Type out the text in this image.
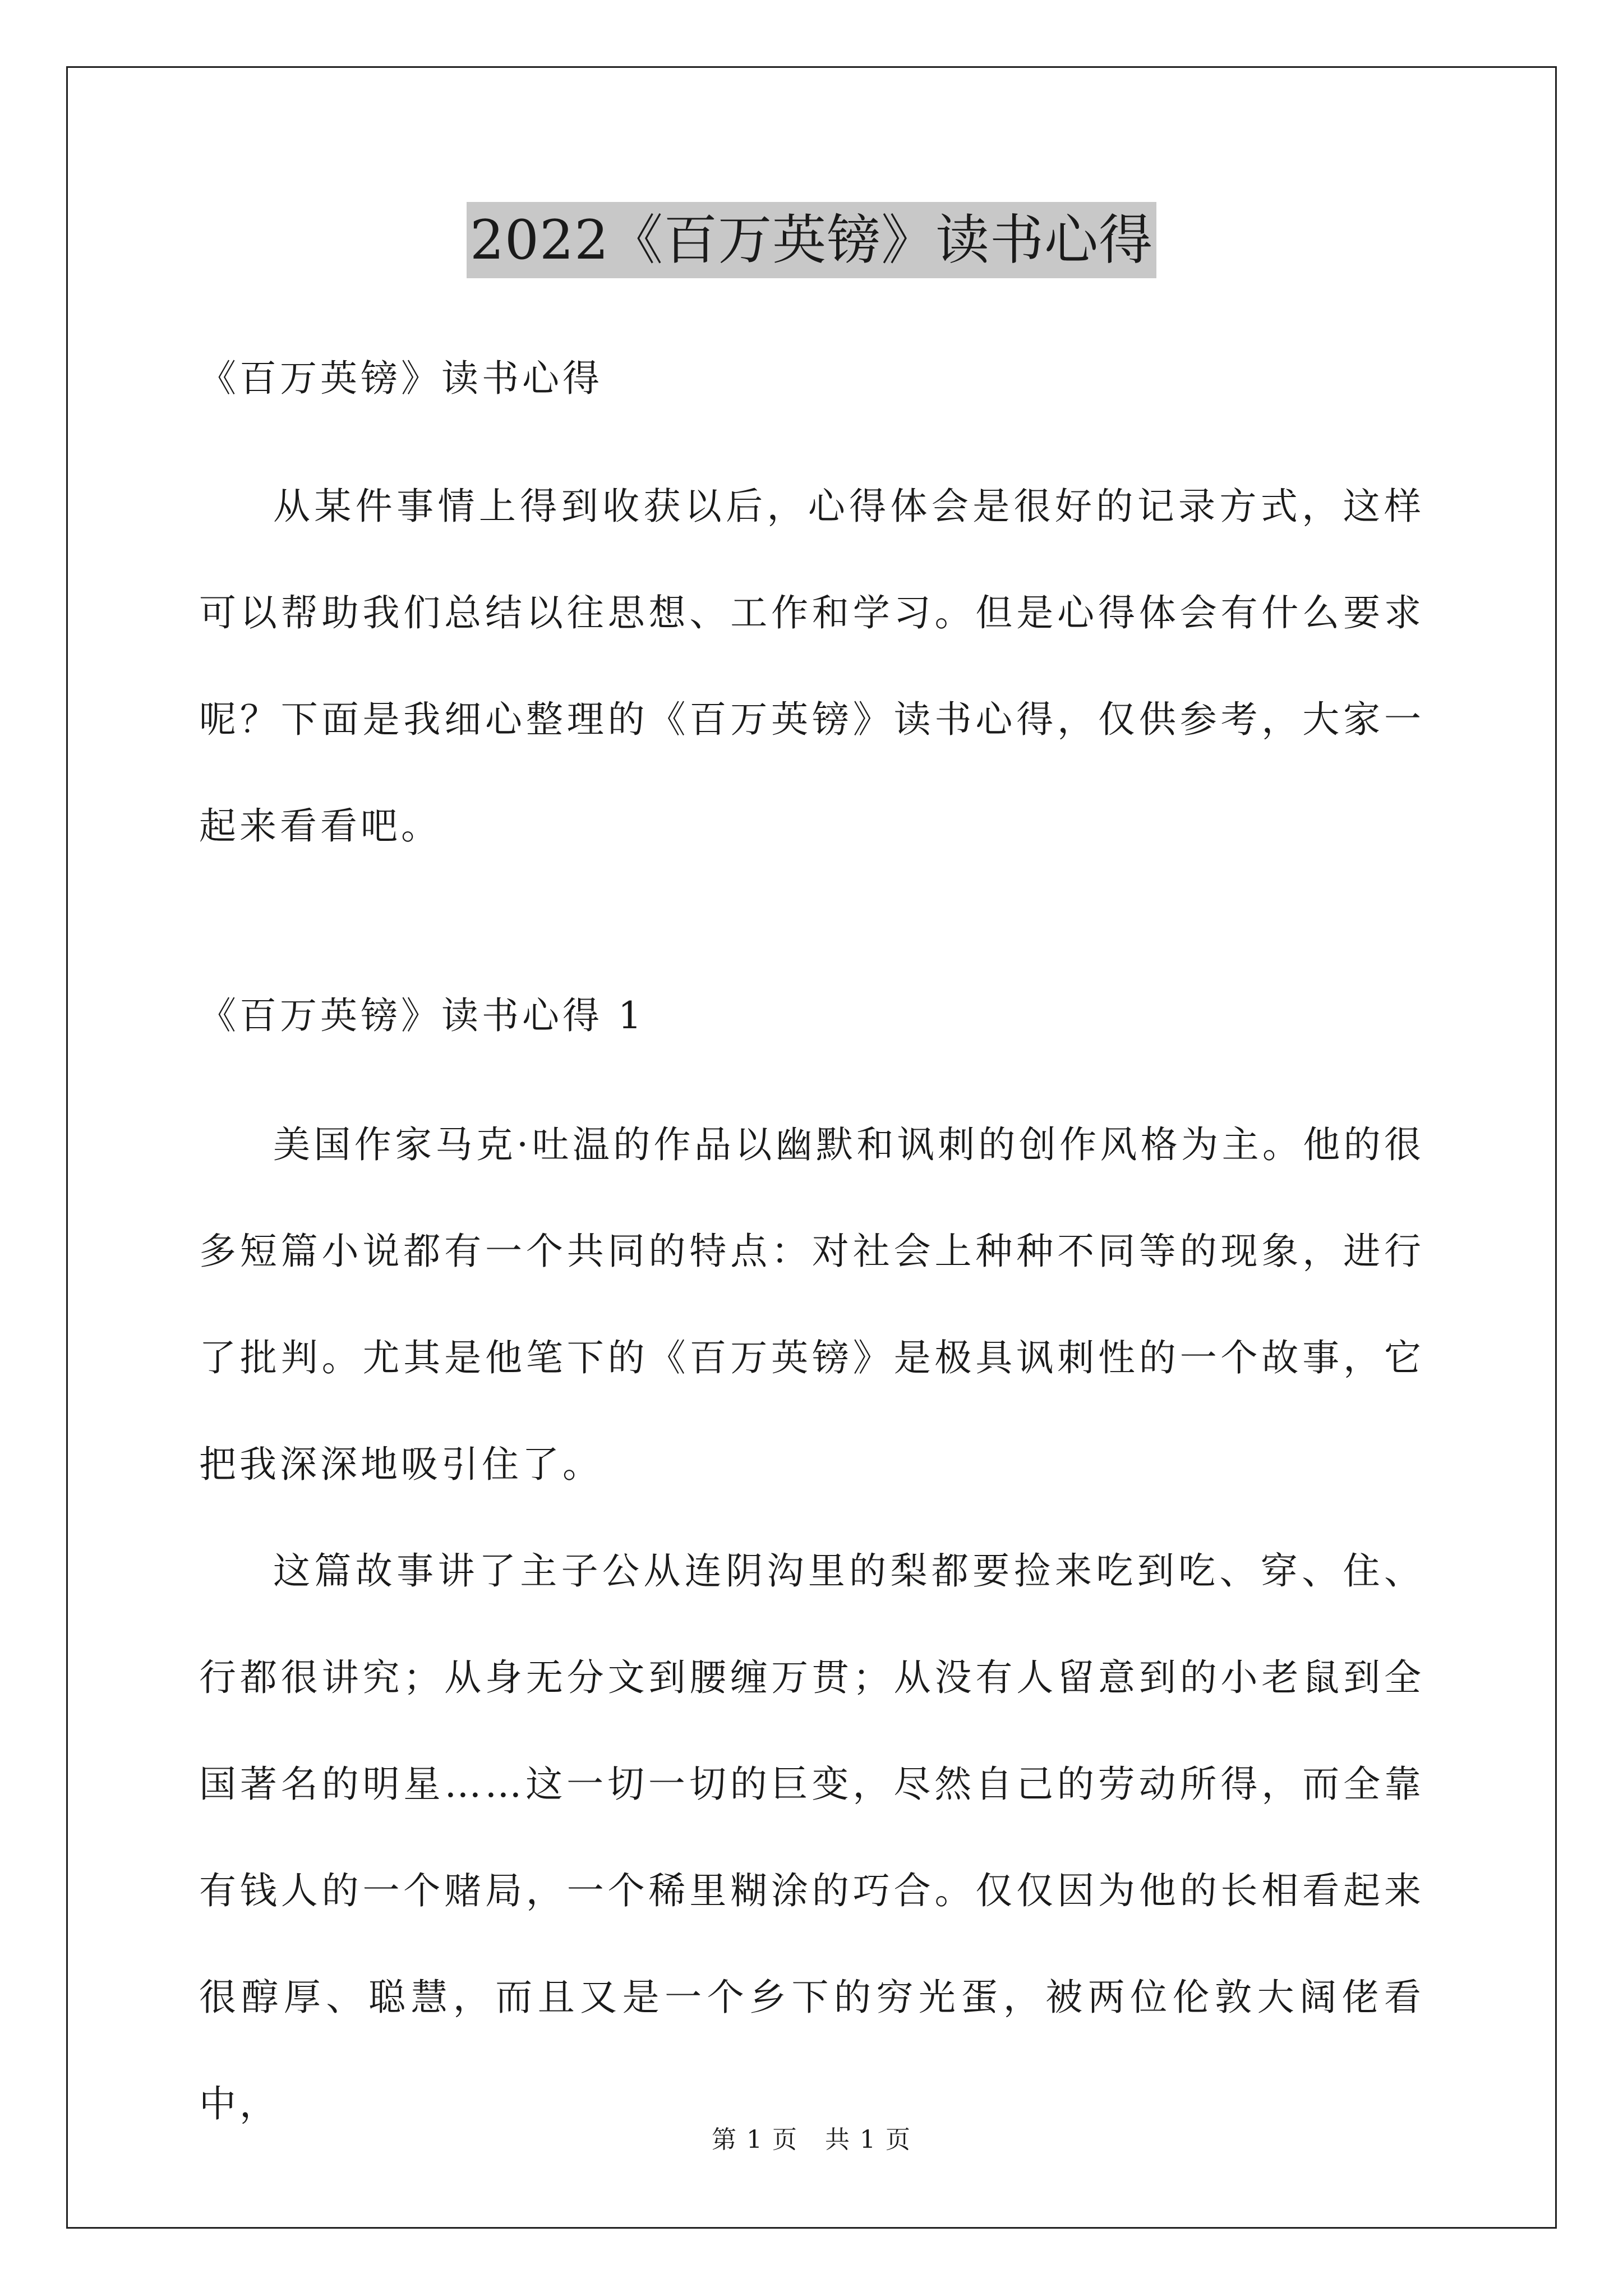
2022《百万英镑》读书心得

《百万英镑》读书心得

从某件事情上得到收获以后，心得体会是很好的记录方式，这样可以帮助我们总结以往思想、工作和学习。但是心得体会有什么要求呢？下面是我细心整理的《百万英镑》读书心得，仅供参考，大家一起来看看吧。

《百万英镑》读书心得 1

美国作家马克·吐温的作品以幽默和讽刺的创作风格为主。他的很多短篇小说都有一个共同的特点：对社会上种种不同等的现象，进行了批判。尤其是他笔下的《百万英镑》是极具讽刺性的一个故事，它把我深深地吸引住了。

这篇故事讲了主子公从连阴沟里的梨都要捡来吃到吃、穿、住、行都很讲究；从身无分文到腰缠万贯；从没有人留意到的小老鼠到全国著名的明星……这一切一切的巨变，尽然自己的劳动所得，而全靠有钱人的一个赌局，一个稀里糊涂的巧合。仅仅因为他的长相看起来很醇厚、聪慧，而且又是一个乡下的穷光蛋，被两位伦敦大阔佬看中，

第 1 页 共 1 页
